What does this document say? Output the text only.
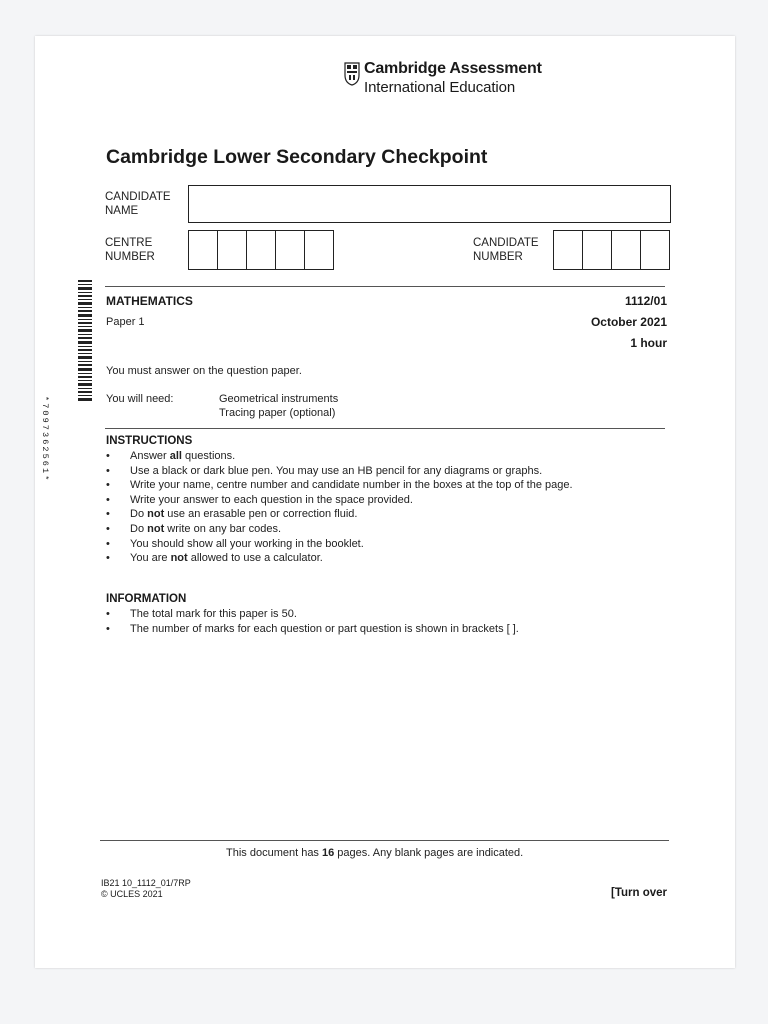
Cambridge Assessment
International Education
Cambridge Lower Secondary Checkpoint
CANDIDATE
NAME
CENTRE
NUMBER
CANDIDATE
NUMBER
*7097362561*
MATHEMATICS	1112/01
Paper 1	October 2021
1 hour
You must answer on the question paper.
You will need:	Geometrical instruments
Tracing paper (optional)
INSTRUCTIONS
• Answer all questions.
• Use a black or dark blue pen. You may use an HB pencil for any diagrams or graphs.
• Write your name, centre number and candidate number in the boxes at the top of the page.
• Write your answer to each question in the space provided.
• Do not use an erasable pen or correction fluid.
• Do not write on any bar codes.
• You should show all your working in the booklet.
• You are not allowed to use a calculator.
INFORMATION
• The total mark for this paper is 50.
• The number of marks for each question or part question is shown in brackets [ ].
This document has 16 pages. Any blank pages are indicated.
IB21 10_1112_01/7RP
© UCLES 2021	[Turn over
